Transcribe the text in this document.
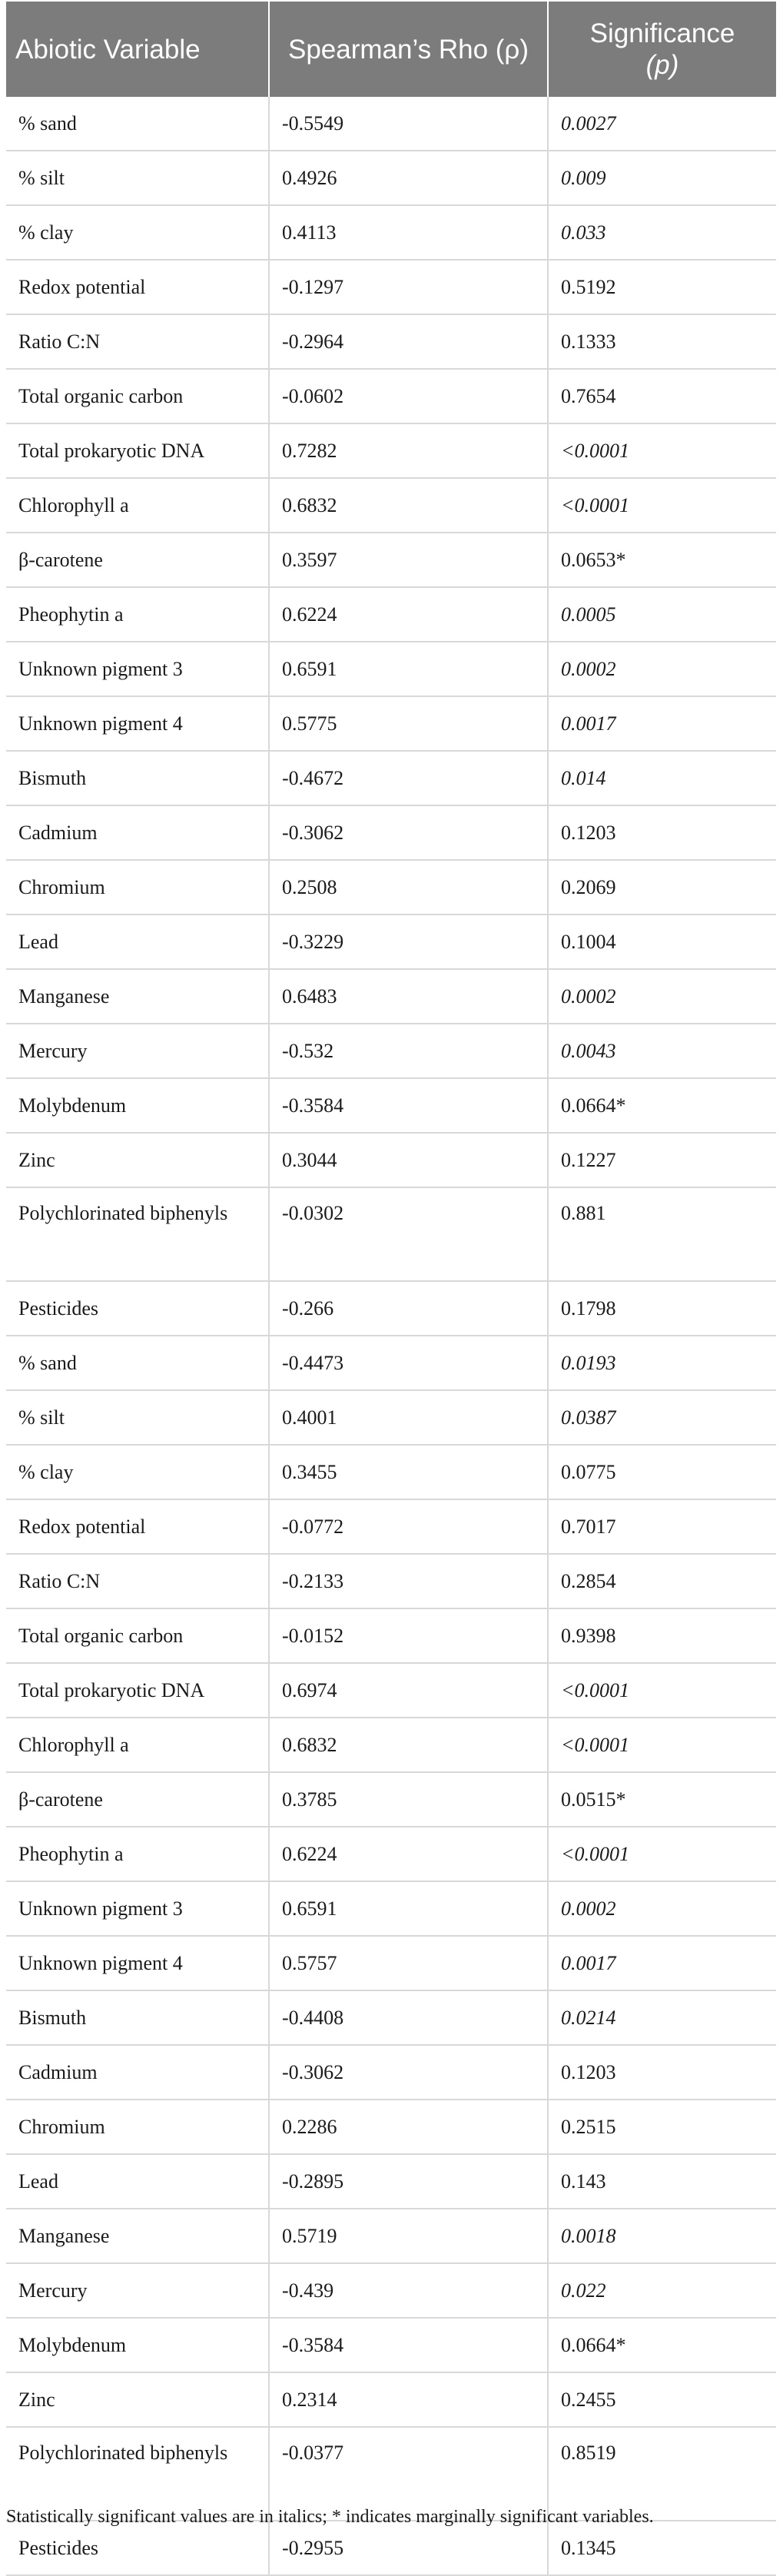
Abiotic Variable	Spearman’s Rho (ρ)	Significance
(p)
% sand	-0.5549	0.0027
% silt	0.4926	0.009
% clay	0.4113	0.033
Redox potential	-0.1297	0.5192
Ratio C:N	-0.2964	0.1333
Total organic carbon	-0.0602	0.7654
Total prokaryotic DNA	0.7282	<0.0001
Chlorophyll a	0.6832	<0.0001
β-carotene	0.3597	0.0653*
Pheophytin a	0.6224	0.0005
Unknown pigment 3	0.6591	0.0002
Unknown pigment 4	0.5775	0.0017
Bismuth	-0.4672	0.014
Cadmium	-0.3062	0.1203
Chromium	0.2508	0.2069
Lead	-0.3229	0.1004
Manganese	0.6483	0.0002
Mercury	-0.532	0.0043
Molybdenum	-0.3584	0.0664*
Zinc	0.3044	0.1227
Polychlorinated biphenyls	-0.0302	0.881
Pesticides	-0.266	0.1798
% sand	-0.4473	0.0193
% silt	0.4001	0.0387
% clay	0.3455	0.0775
Redox potential	-0.0772	0.7017
Ratio C:N	-0.2133	0.2854
Total organic carbon	-0.0152	0.9398
Total prokaryotic DNA	0.6974	<0.0001
Chlorophyll a	0.6832	<0.0001
β-carotene	0.3785	0.0515*
Pheophytin a	0.6224	<0.0001
Unknown pigment 3	0.6591	0.0002
Unknown pigment 4	0.5757	0.0017
Bismuth	-0.4408	0.0214
Cadmium	-0.3062	0.1203
Chromium	0.2286	0.2515
Lead	-0.2895	0.143
Manganese	0.5719	0.0018
Mercury	-0.439	0.022
Molybdenum	-0.3584	0.0664*
Zinc	0.2314	0.2455
Polychlorinated biphenyls	-0.0377	0.8519
Pesticides	-0.2955	0.1345
Statistically significant values are in italics; * indicates marginally significant variables.
